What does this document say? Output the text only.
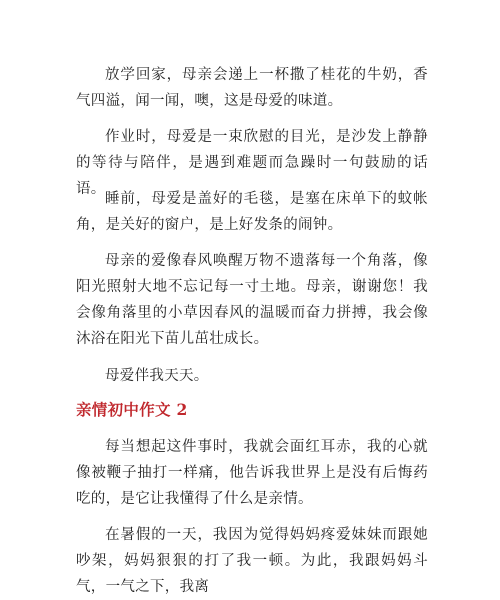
放学回家，母亲会递上一杯撒了桂花的牛奶，香气四溢，闻一闻，噢，这是母爱的味道。

作业时，母爱是一束欣慰的目光，是沙发上静静的等待与陪伴，是遇到难题而急躁时一句鼓励的话语。

睡前，母爱是盖好的毛毯，是塞在床单下的蚊帐角，是关好的窗户，是上好发条的闹钟。

母亲的爱像春风唤醒万物不遗落每一个角落，像阳光照射大地不忘记每一寸土地。母亲，谢谢您！我会像角落里的小草因春风的温暖而奋力拼搏，我会像沐浴在阳光下苗儿茁壮成长。

母爱伴我天天。

亲情初中作文 2

每当想起这件事时，我就会面红耳赤，我的心就像被鞭子抽打一样痛，他告诉我世界上是没有后悔药吃的，是它让我懂得了什么是亲情。

在暑假的一天，我因为觉得妈妈疼爱妹妹而跟她吵架，妈妈狠狠的打了我一顿。为此，我跟妈妈斗气，一气之下，我离
